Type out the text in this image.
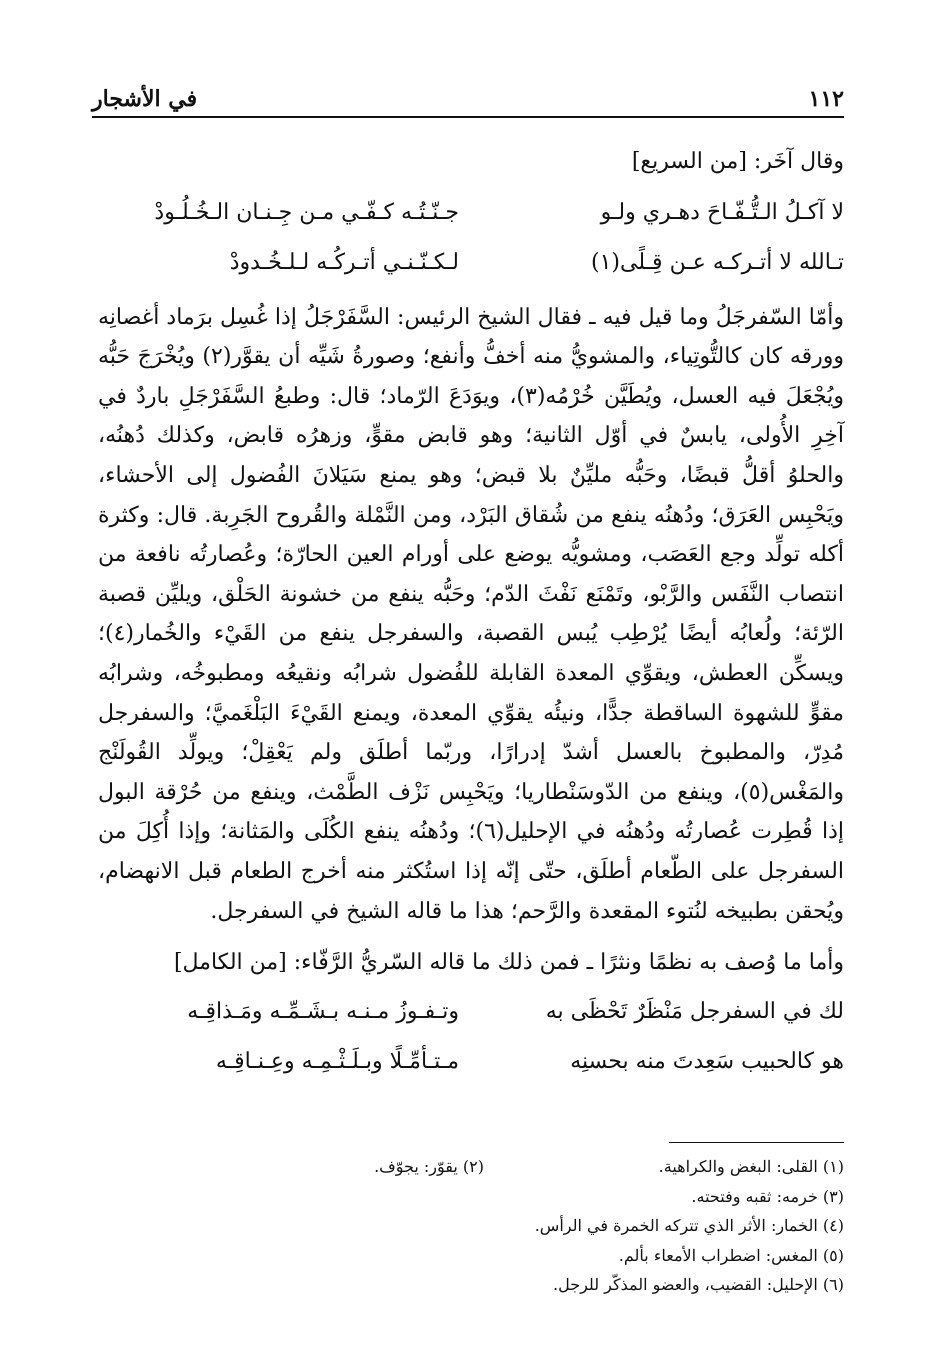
١١٢
في الأشجار

وقال آخَر: [من السريع]

لا آكـلُ الـتُّـفّـاحَ دهـري ولـو
جـنّـتُـه كـفّـي مـن جِـنـان الـخُـلُـودْ
تـالله لا أتـركـه عـن قِـلًى(١)
لـكـنّـنـي أتـركُـه لـلـخُـدودْ

وأمّا السّفرجَلُ وما قيل فيه ـ فقال الشيخ الرئيس: السَّفَرْجَلُ إذا غُسِل برَماد أغصانِه وورقه كان كالتُّوتِياء، والمشويُّ منه أخفُّ وأنفع؛ وصورةُ شَيِّه أن يقوَّر(٢) ويُخْرَجَ حَبُّه ويُجْعَلَ فيه العسل، ويُطَيَّن خُرْمُه(٣)، ويوَدَعَ الرّماد؛ قال: وطبعُ السَّفَرْجَلِ باردٌ في آخِرِ الأُولى، يابسٌ في أوّل الثانية؛ وهو قابض مقوٍّ، وزهرُه قابض، وكذلك دُهنُه، والحلوُ أقلُّ قبضًا، وحَبُّه مليِّنٌ بلا قبض؛ وهو يمنع سَيَلانَ الفُضول إلى الأحشاء، ويَحْبِس العَرَق؛ ودُهنُه ينفع من شُقاق البَرْد، ومن النَّمْلة والقُروح الجَرِبة. قال: وكثرة أكله تولِّد وجع العَصَب، ومشويُّه يوضع على أورام العين الحارّة؛ وعُصارتُه نافعة من انتصاب النَّفَس والرَّبْو، وتَمْنَع نَفْثَ الدّم؛ وحَبُّه ينفع من خشونة الحَلْق، ويليِّن قصبة الرّئة؛ ولُعابُه أيضًا يُرْطِب يُبس القصبة، والسفرجل ينفع من القَيْء والخُمار(٤)؛ ويسكِّن العطش، ويقوِّي المعدة القابلة للفُضول شرابُه ونقيعُه ومطبوخُه، وشرابُه مقوٍّ للشهوة الساقطة جدًّا، ونيئُه يقوِّي المعدة، ويمنع القَيْءَ البَلْغَميَّ؛ والسفرجل مُدِرّ، والمطبوخ بالعسل أشدّ إدرارًا، وربّما أطلَق ولم يَعْقِلْ؛ ويولِّد القُولَنْج والمَغْس(٥)، وينفع من الدّوسَنْطاريا؛ ويَحْبِس نَزْف الطَّمْث، وينفع من حُرْقة البول إذا قُطِرت عُصارتُه ودُهنُه في الإحليل(٦)؛ ودُهنُه ينفع الكُلَى والمَثانة؛ وإذا أُكِلَ من السفرجل على الطّعام أطلَق، حتّى إنّه إذا استُكثر منه أخرج الطعام قبل الانهضام، ويُحقن بطبيخه لنُتوء المقعدة والرَّحم؛ هذا ما قاله الشيخ في السفرجل.

وأما ما وُصف به نظمًا ونثرًا ـ فمن ذلك ما قاله السّريُّ الرَّفّاء: [من الكامل]

لك في السفرجل مَنْظَرٌ تَحْظَى به
وتـفـوزُ مـنـه بـشَـمِّـه ومَـذاقِـه
هو كالحبيب سَعِدتَ منه بحسنِه
مـتـأمِّـلًا وبـلَـثْـمِـه وعِـنـاقِـه
(١) القلى: البغض والكراهية.
(٢) يقوّر: يجوّف.
(٣) خرمه: ثقبه وفتحته.
(٤) الخمار: الأثر الذي تتركه الخمرة في الرأس.
(٥) المغس: اضطراب الأمعاء بألم.
(٦) الإحليل: القضيب، والعضو المذكّر للرجل.
